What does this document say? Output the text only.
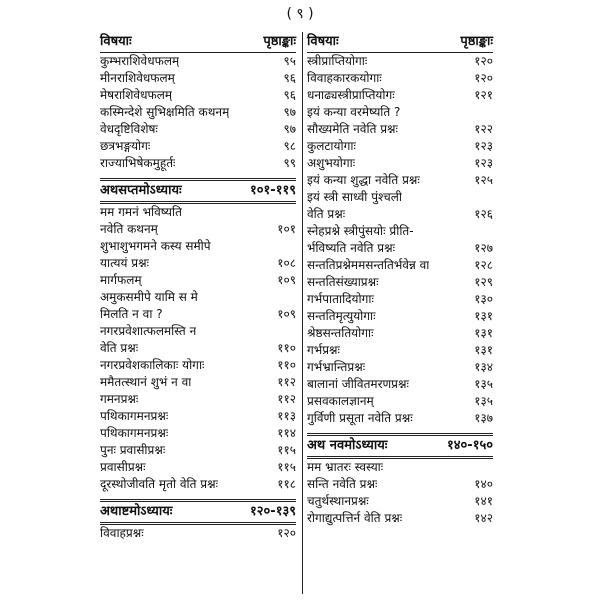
( ९ )
विषयाः	पृष्ठाङ्काः
कुम्भराशिवेधफलम्	९५
मीनराशिवेधफलम्	९६
मेषराशिवेधफलम्	९६
कस्मिन्देशे सुभिक्षमिति कथनम्	९७
वेधदृष्टिविशेषः	९७
छत्रभङ्गयोगः	९८
राज्याभिषेकमुहूर्तः	९९
अथसप्तमोऽध्यायः	१०१-११९
मम गमनं भविष्यति
नवेति कथनम्	१०१
शुभाशुभगमने कस्य समीपे
यात्ययं प्रश्नः	१०८
मार्गफलम्	१०९
अमुकसमीपे यामि स मे
मिलति न वा ?	१०९
नगरप्रवेशात्फलमस्ति न
वेति प्रश्नः	११०
नगरप्रवेशकालिकाः योगाः	११०
ममैतत्स्थानं शुभं न वा	११२
गमनप्रश्नः	११२
पथिकागमनप्रश्नः	११३
पथिकागमनप्रश्नः	११४
पुनः प्रवासीप्रश्नः	११५
प्रवासीप्रश्नः	११५
दूरस्थोजीवति मृतो वेति प्रश्नः	११८
अथाष्टमोऽध्यायः	१२०-१३९
विवाहप्रश्नः	१२०
विषयाः	पृष्ठाङ्काः
स्त्रीप्राप्तियोगाः	१२०
विवाहकारकयोगाः	१२०
धनाढ्यस्त्रीप्राप्तियोगः	१२१
इयं कन्या वरमेष्यति ?
सौख्यमेति नवेति प्रश्नः	१२२
कुलटायोगाः	१२३
अशुभयोगाः	१२३
इयं कन्या शुद्धा नवेति प्रश्नः	१२५
इयं स्त्री साध्वी पुंश्चली
वेति प्रश्नः	१२६
स्नेहप्रश्ने स्त्रीपुंसयोः प्रीति-
र्भविष्यति नवेति प्रश्नः	१२७
सन्ततिप्रश्नेममसन्ततिर्भवेन्न वा	१२८
सन्ततिसंख्याप्रश्नः	१२९
गर्भपातादियोगाः	१३०
सन्ततिमृत्युयोगाः	१३१
श्रेष्ठसन्ततियोगाः	१३१
गर्भप्रश्नः	१३१
गर्भभ्रान्तिप्रश्नः	१३४
बालानां जीवितमरणप्रश्नः	१३५
प्रसवकालज्ञानम्	१३५
गुर्विणी प्रसूता नवेति प्रश्नः	१३७
अथ नवमोऽध्यायः	१४०-१५०
मम भ्रातरः स्वस्याः
सन्ति नवेति प्रश्नः	१४०
चतुर्थस्थानप्रश्नः	१४१
रोगाद्युत्पत्तिर्न वेति प्रश्नः	१४२
